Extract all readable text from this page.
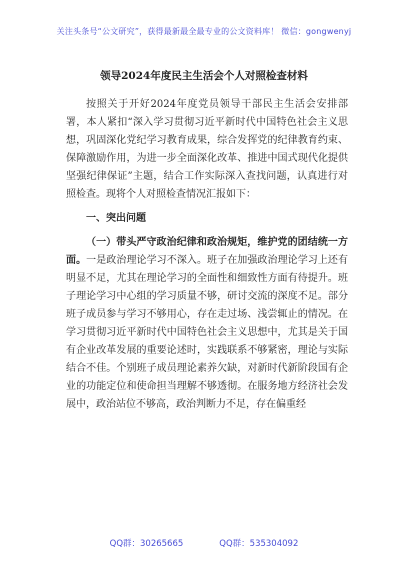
关注头条号“公文研究”，获得最新最全最专业的公文资料库！ 微信：gongwenyj
领导2024年度民主生活会个人对照检查材料

按照关于开好2024年度党员领导干部民主生活会安排部署，本人紧扣“深入学习贯彻习近平新时代中国特色社会主义思想，巩固深化党纪学习教育成果，综合发挥党的纪律教育约束、保障激励作用，为进一步全面深化改革、推进中国式现代化提供坚强纪律保证”主题，结合工作实际深入查找问题，认真进行对照检查。现将个人对照检查情况汇报如下：

一、突出问题

（一）带头严守政治纪律和政治规矩，维护党的团结统一方面。一是政治理论学习不深入。班子在加强政治理论学习上还有明显不足，尤其在理论学习的全面性和细致性方面有待提升。班子理论学习中心组的学习质量不够，研讨交流的深度不足。部分班子成员参与学习不够用心，存在走过场、浅尝辄止的情况。在学习贯彻习近平新时代中国特色社会主义思想中，尤其是关于国有企业改革发展的重要论述时，实践联系不够紧密，理论与实际结合不佳。个别班子成员理论素养欠缺，对新时代新阶段国有企业的功能定位和使命担当理解不够透彻。在服务地方经济社会发展中，政治站位不够高，政治判断力不足，存在偏重经

QQ群：30265665	QQ群：535304092
